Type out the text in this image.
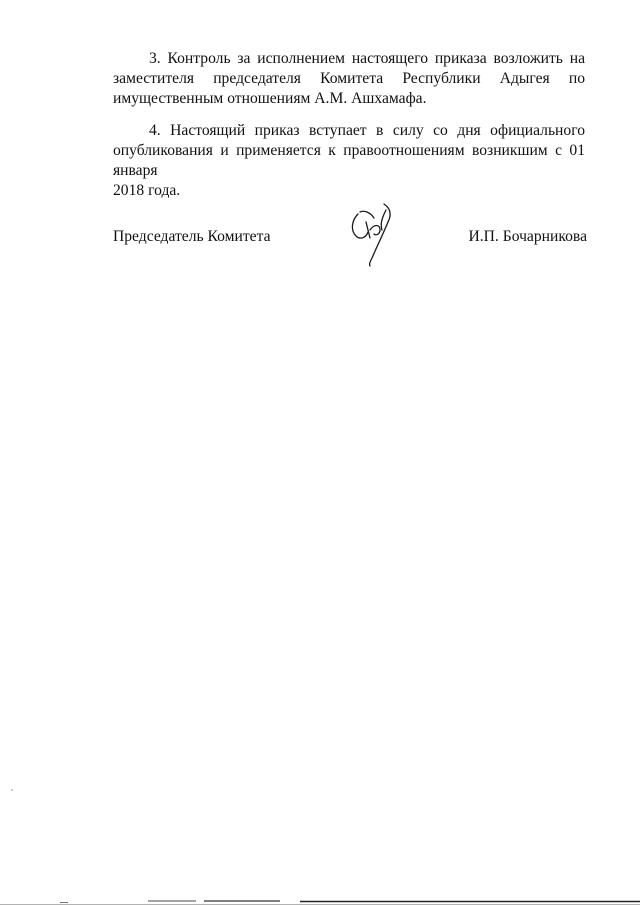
3. Контроль за исполнением настоящего приказа возложить на
заместителя председателя Комитета Республики Адыгея по
имущественным отношениям А.М. Ашхамафа.
4. Настоящий приказ вступает в силу со дня официального
опубликования и применяется к правоотношениям возникшим с 01 января
2018 года.
Председатель Комитета	И.П. Бочарникова
